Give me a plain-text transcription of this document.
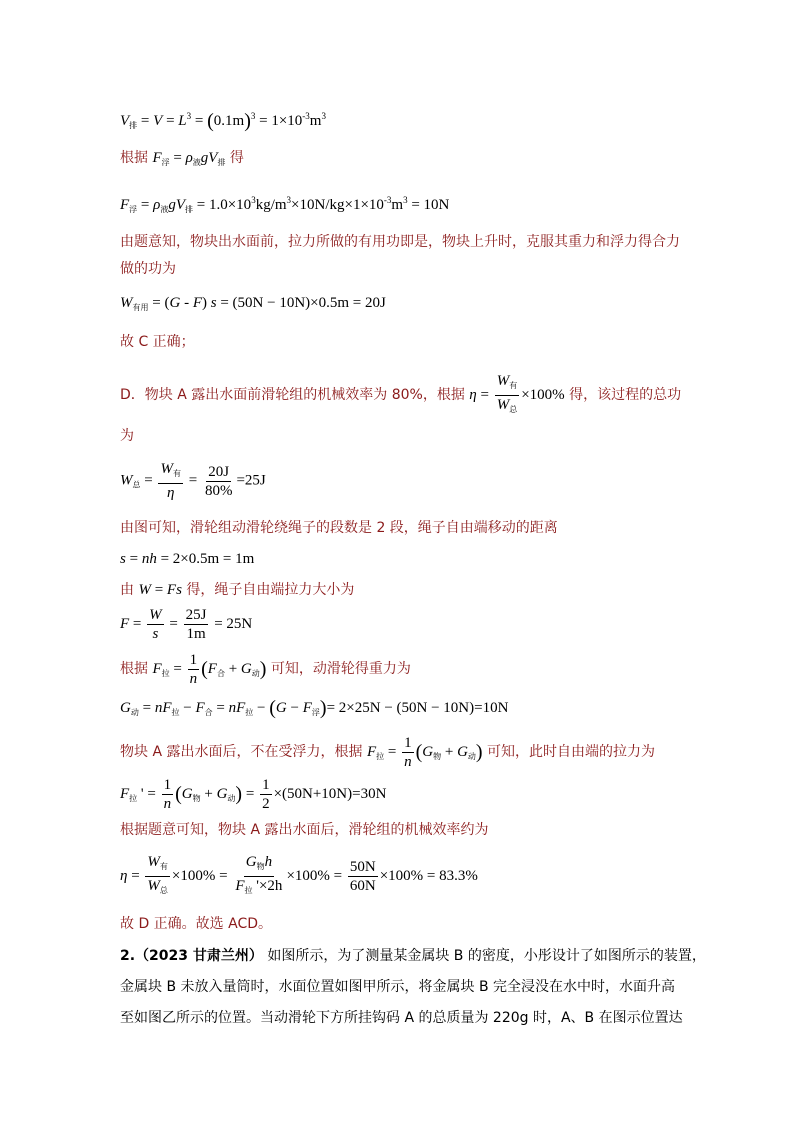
$V_排 = V = L^3 = (0.1m)^3 = 1\times 10^{-3}m^3$
根据 $F_浮 = \rho_液gV_排$ 得
$F_浮 = \rho_液gV_排 = 1.0\times 10^3kg/m^3\times 10N/kg\times 1\times 10^{-3}m^3 = 10N$
由题意知，物块出水面前，拉力所做的有用功即是，物块上升时，克服其重力和浮力得合力
做的功为
$W_{有用} = (G - F) s = (50N - 10N)\times 0.5m = 20J$
故 C 正确；
D．物块 A 露出水面前滑轮组的机械效率为 80%，根据 $\eta = \frac{W_有}{W_总} \times 100\%$ 得，该过程的总功
为
$W_总 = \frac{W_有}{\eta} = \frac{20J}{80\%} =25J$
由图可知，滑轮组动滑轮绕绳子的段数是 2 段，绳子自由端移动的距离
s = nh = 2×0.5m = 1m
由 W = Fs 得，绳子自由端拉力大小为
$F = \frac{W}{s} = \frac{25J}{1m} = 25N$
根据 $F_拉 = \frac{1}{n} (F_合 + G_动)$ 可知，动滑轮得重力为
$G_动 = nF_拉 - F_合 = nF_拉 - (G - F_浮)= 2\times 25N - (50N - 10N)=10N$
物块 A 露出水面后，不在受浮力，根据 $F_拉 = \frac{1}{n} (G_物 + G_动)$ 可知，此时自由端的拉力为
$F_拉$ ' = $\frac{1}{n} (G_物 + G_动) = \frac{1}{2} \times(50N+10N)=30N$
根据题意可知，物块 A 露出水面后，滑轮组的机械效率约为
$\eta = \frac{W_有}{W_总} \times 100\% = \frac{G_物h}{F_拉 '\times 2h} \times 100\% = \frac{50N}{60N} \times 100\% = 83.3\%$
故 D 正确。故选 ACD。
2.（2023 甘肃兰州） 如图所示，为了测量某金属块 B 的密度，小彤设计了如图所示的装置，
金属块 B 未放入量筒时，水面位置如图甲所示，将金属块 B 完全浸没在水中时，水面升高
至如图乙所示的位置。当动滑轮下方所挂钩码 A 的总质量为 220g 时，A、B 在图示位置达
